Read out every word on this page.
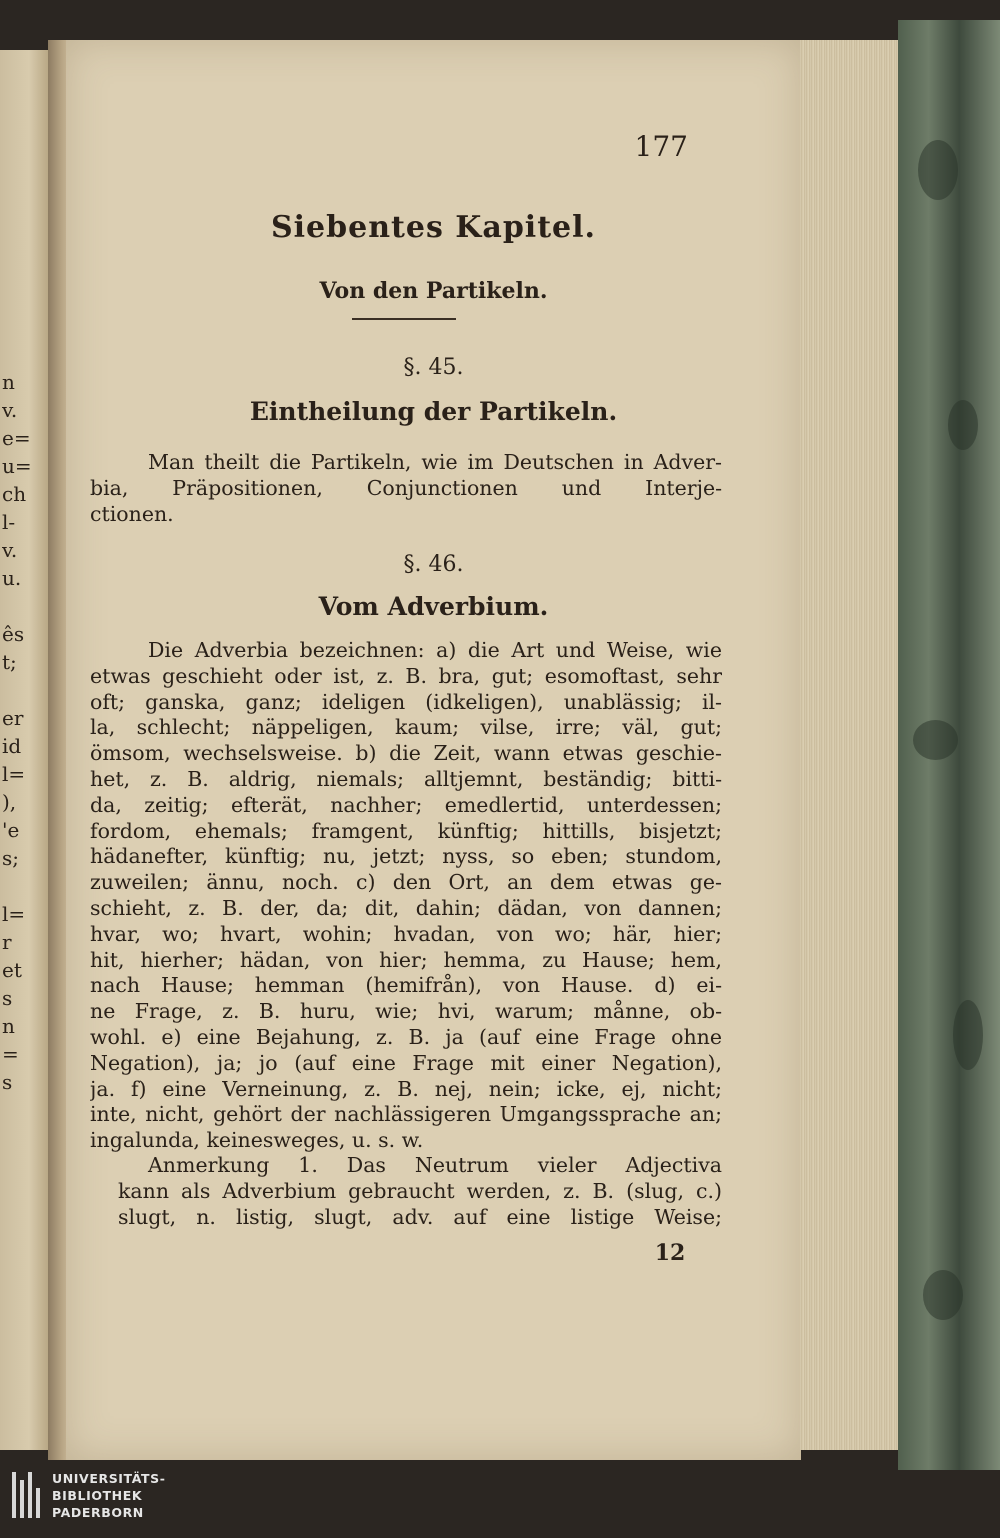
n
v.
e=
u=
ch
l-
v.
u.
ês
t;
er
id
l=
),
'e
s;
l=
r
et
s
n
=
s
177
Siebentes Kapitel.
Von den Partikeln.
§. 45.
Eintheilung der Partikeln.
Man theilt die Partikeln, wie im Deutschen in Adver-
bia, Präpositionen, Conjunctionen und Interje-
ctionen.
§. 46.
Vom Adverbium.
Die Adverbia bezeichnen: a) die Art und Weise, wie
etwas geschieht oder ist, z. B. bra, gut; esomoftast, sehr
oft; ganska, ganz; ideligen (idkeligen), unablässig; il-
la, schlecht; näppeligen, kaum; vilse, irre; väl, gut;
ömsom, wechselsweise. b) die Zeit, wann etwas geschie-
het, z. B. aldrig, niemals; alltjemnt, beständig; bitti-
da, zeitig; efterät, nachher; emedlertid, unterdessen;
fordom, ehemals; framgent, künftig; hittills, bisjetzt;
hädanefter, künftig; nu, jetzt; nyss, so eben; stundom,
zuweilen; ännu, noch. c) den Ort, an dem etwas ge-
schieht, z. B. der, da; dit, dahin; dädan, von dannen;
hvar, wo; hvart, wohin; hvadan, von wo; här, hier;
hit, hierher; hädan, von hier; hemma, zu Hause; hem,
nach Hause; hemman (hemifrån), von Hause. d) ei-
ne Frage, z. B. huru, wie; hvi, warum; månne, ob-
wohl. e) eine Bejahung, z. B. ja (auf eine Frage ohne
Negation), ja; jo (auf eine Frage mit einer Negation),
ja. f) eine Verneinung, z. B. nej, nein; icke, ej, nicht;
inte, nicht, gehört der nachlässigeren Umgangssprache an;
ingalunda, keinesweges, u. s. w.
Anmerkung 1. Das Neutrum vieler Adjectiva
kann als Adverbium gebraucht werden, z. B. (slug, c.)
slugt, n. listig, slugt, adv. auf eine listige Weise;
12
UNIVERSITÄTS-
BIBLIOTHEK
PADERBORN
